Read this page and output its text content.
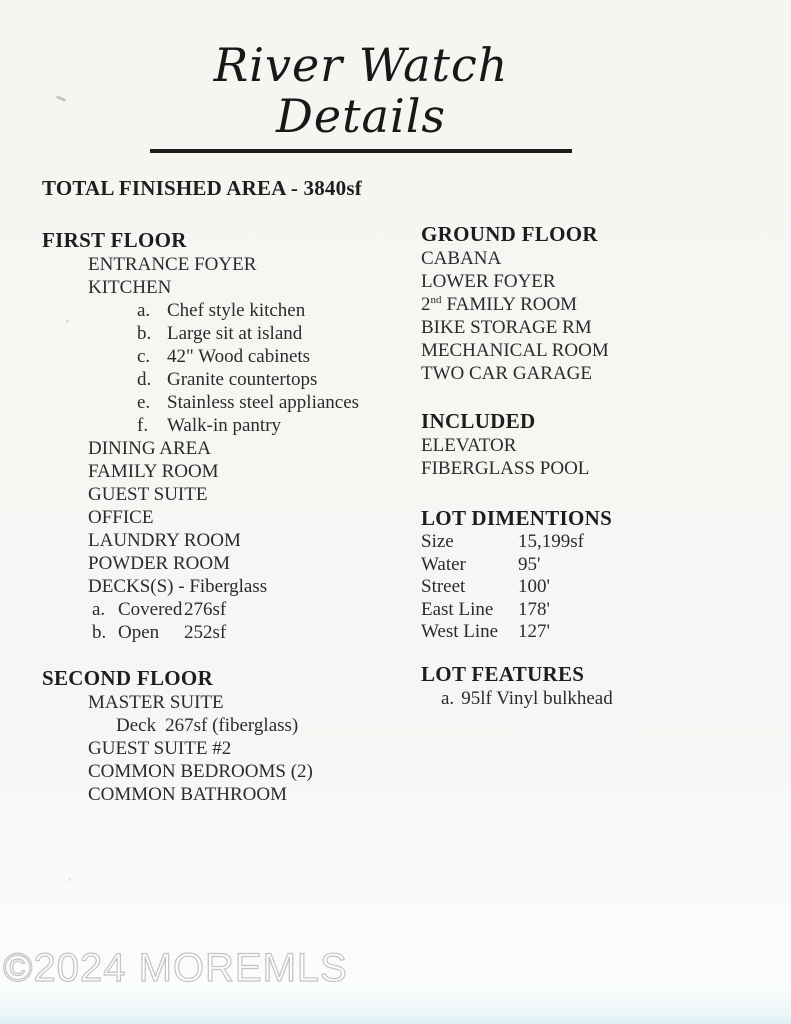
River Watch Details
TOTAL FINISHED AREA - 3840sf
FIRST FLOOR
ENTRANCE FOYER
KITCHEN
a. Chef style kitchen
b. Large sit at island
c. 42" Wood cabinets
d. Granite countertops
e. Stainless steel appliances
f. Walk-in pantry
DINING AREA
FAMILY ROOM
GUEST SUITE
OFFICE
LAUNDRY ROOM
POWDER ROOM
DECKS(S) - Fiberglass
a. Covered 276sf
b. Open	252sf
SECOND FLOOR
MASTER SUITE
Deck 267sf (fiberglass)
GUEST SUITE #2
COMMON BEDROOMS (2)
COMMON BATHROOM
GROUND FLOOR
CABANA
LOWER FOYER
2nd FAMILY ROOM
BIKE STORAGE RM
MECHANICAL ROOM
TWO CAR GARAGE
INCLUDED
ELEVATOR
FIBERGLASS POOL
LOT DIMENTIONS
Size	15,199sf
Water	95'
Street	100'
East Line	178'
West Line	127'
LOT FEATURES
a. 95lf Vinyl bulkhead
©2024 MOREMLS
